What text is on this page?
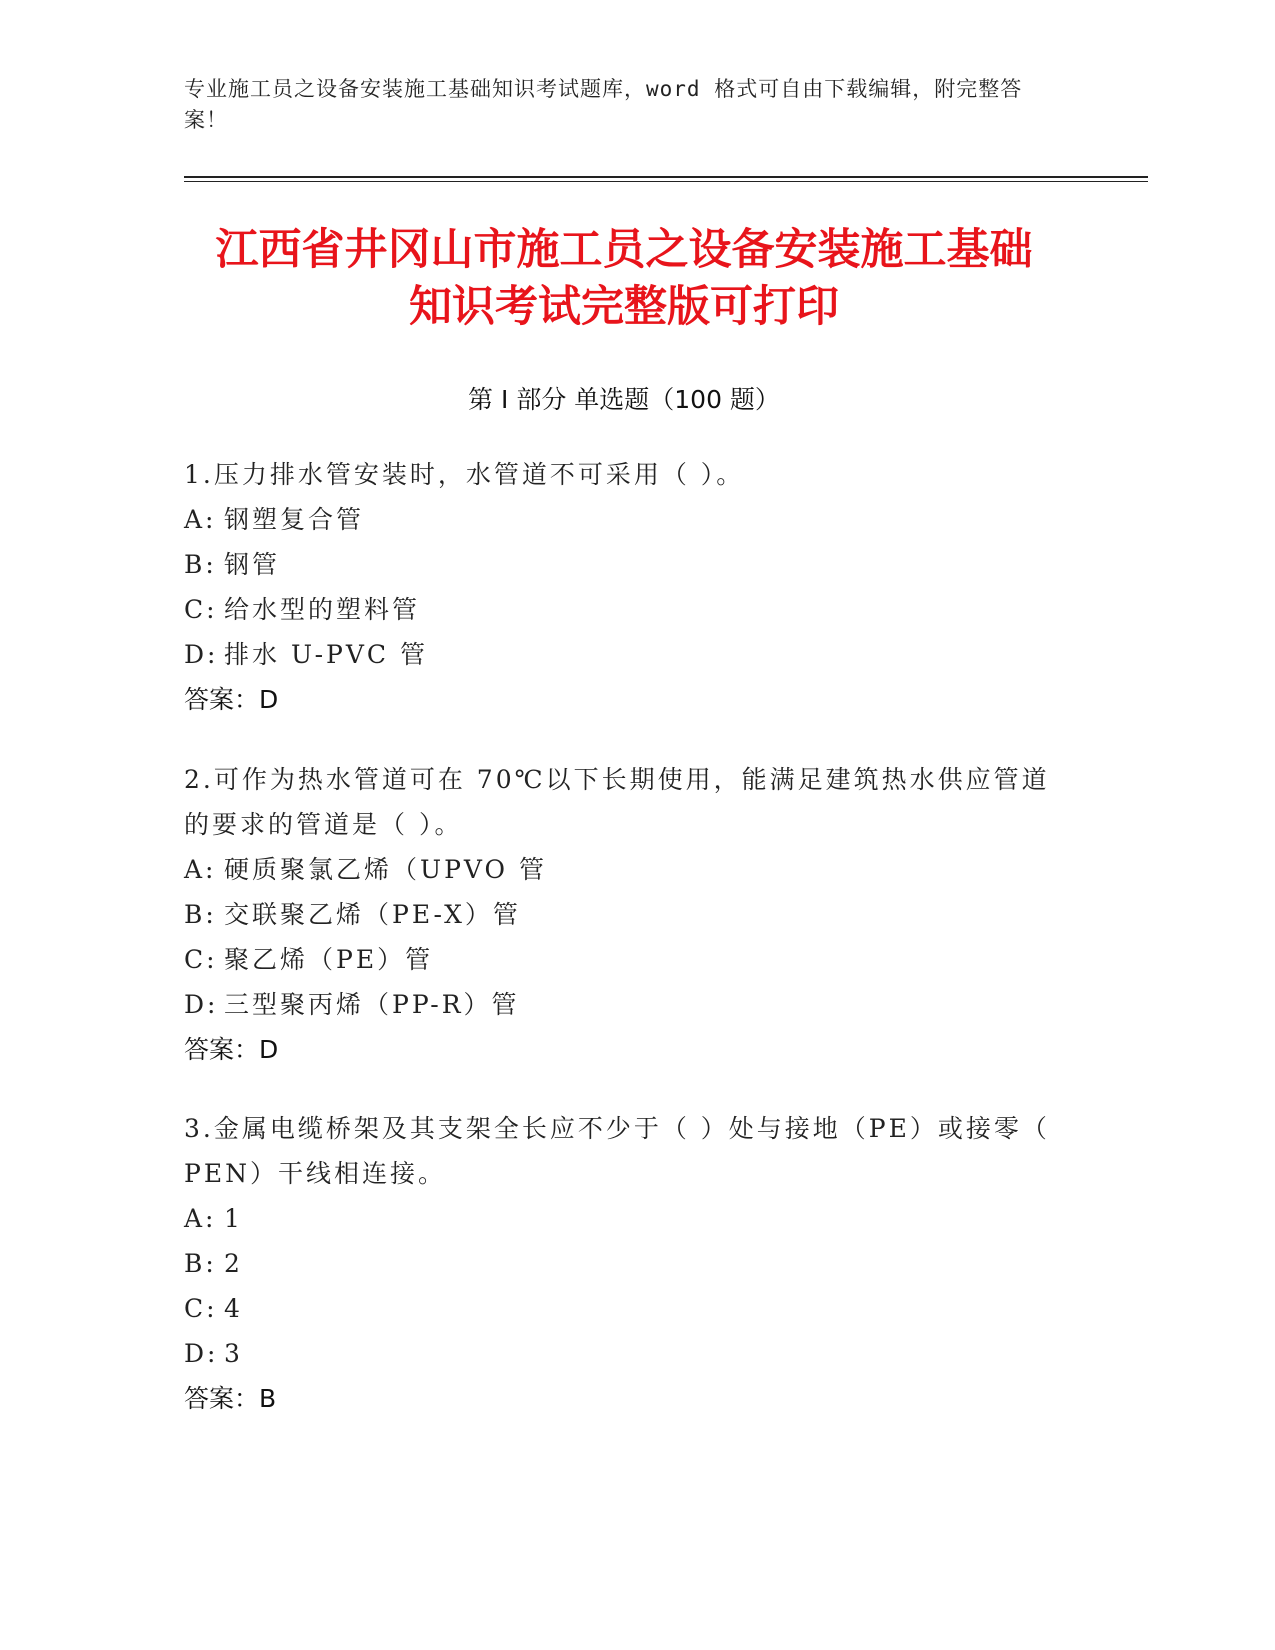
专业施工员之设备安装施工基础知识考试题库，word 格式可自由下载编辑，附完整答案！
江西省井冈山市施工员之设备安装施工基础
知识考试完整版可打印
第 I 部分 单选题（100 题）

1.压力排水管安装时，水管道不可采用（ ）。

A: 钢塑复合管

B: 钢管

C: 给水型的塑料管

D: 排水 U-PVC 管

答案：D

2.可作为热水管道可在 70℃以下长期使用，能满足建筑热水供应管道

的要求的管道是（ ）。

A: 硬质聚氯乙烯（UPVO 管

B: 交联聚乙烯（PE-X）管

C: 聚乙烯（PE）管

D: 三型聚丙烯（PP-R）管

答案：D

3.金属电缆桥架及其支架全长应不少于（ ）处与接地（PE）或接零（

PEN）干线相连接。

A: 1

B: 2

C: 4

D: 3

答案：B
